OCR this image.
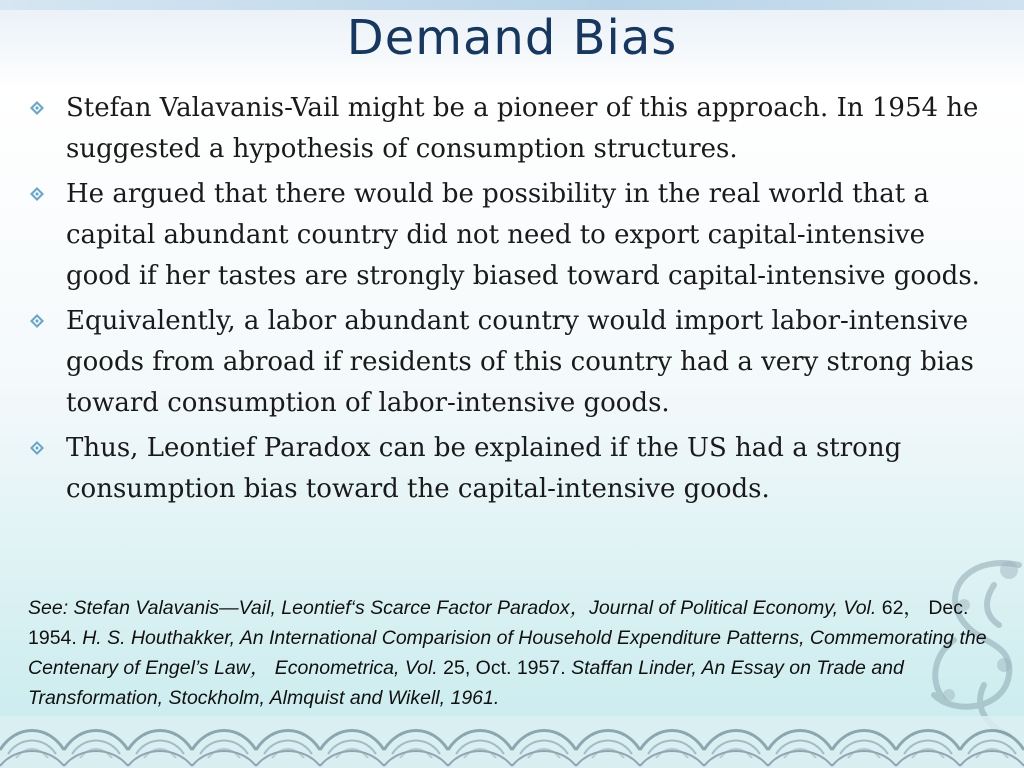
Demand Bias
Stefan Valavanis-Vail might be a pioneer of this approach. In 1954 he suggested a hypothesis of consumption structures.
He argued that there would be possibility in the real world that a capital abundant country did not need to export capital-intensive good if her tastes are strongly biased toward capital-intensive goods.
Equivalently, a labor abundant country would import labor-intensive goods from abroad if residents of this country had a very strong bias toward consumption of labor-intensive goods.
Thus, Leontief Paradox can be explained if the US had a strong consumption bias toward the capital-intensive goods.
See: Stefan Valavanis—Vail, Leontief‘s Scarce Factor Paradox，Journal of Political Economy, Vol. 62， Dec. 1954. H. S. Houthakker, An International Comparision of Household Expenditure Patterns, Commemorating the Centenary of Engel’s Law， Econometrica, Vol. 25, Oct. 1957. Staffan Linder, An Essay on Trade and Transformation, Stockholm, Almquist and Wikell, 1961.
